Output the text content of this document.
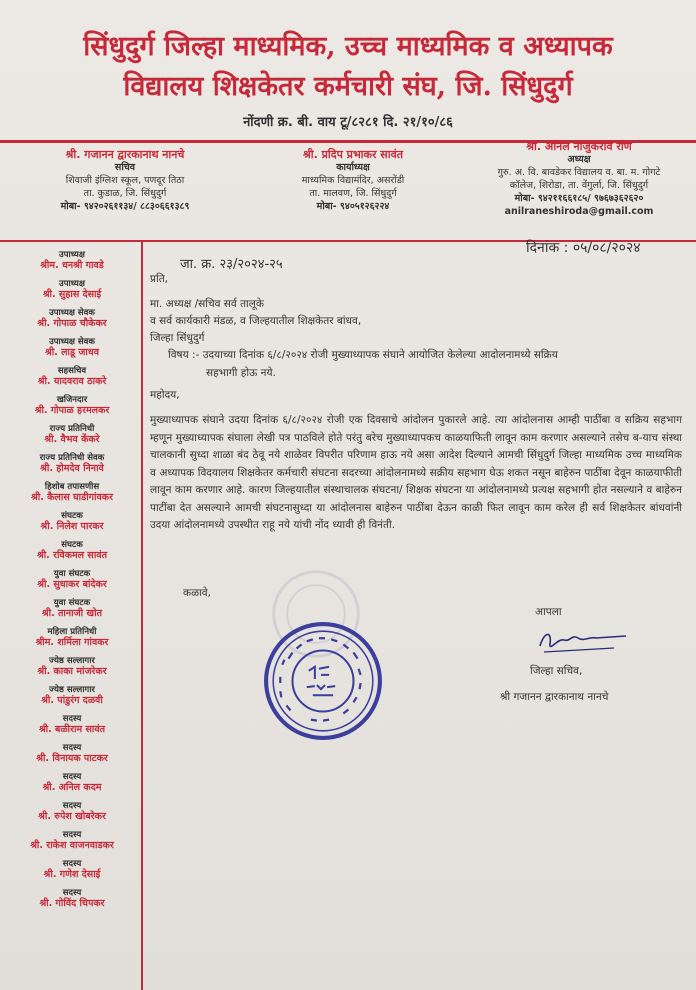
सिंधुदुर्ग जिल्हा माध्यमिक, उच्च माध्यमिक व अध्यापक
विद्यालय शिक्षकेतर कर्मचारी संघ, जि. सिंधुदुर्ग
नोंदणी क्र. बी. वाय टू/८२८१ दि. २१/१०/८६
श्री. गजानन द्वारकानाथ नानचे
सचिव
शिवाजी इंग्लिश स्कूल, पणदूर तिठा
ता. कुडाळ, जि. सिंधुदुर्ग
मोबा- ९४२०२६११३४/ ८८३०६६१३८९
श्री. प्रदिप प्रभाकर सावंत
कार्याध्यक्ष
माध्यमिक विद्यामंदिर, असरोंडी
ता. मालवण, जि. सिंधुदुर्ग
मोबा- ९४०५१२६२२४
श्री. अनिल नाजुकराव राणे
अध्यक्ष
गुरु. अ. वि. बावडेकर विद्यालय व. बा. म. गोगटे
कॉलेज, शिरोडा, ता. वेंगुर्ला, जि. सिंधुदुर्ग
मोबा- ९४२११६६१८५/ ९७६७३६२६२०
anilraneshiroda@gmail.com
उपाध्यक्ष
श्रीम. धनश्री गावडे
उपाध्यक्ष
श्री. सुहास देसाई
उपाध्यक्ष सेवक
श्री. गोपाळ चौकेकर
उपाध्यक्ष सेवक
श्री. लाडू जाधव
सहसचिव
श्री. यादवराव ठाकरे
खजिनदार
श्री. गोपाळ हरमलकर
राज्य प्रतिनिधी
श्री. वैभव केंकरे
राज्य प्रतिनिधी सेवक
श्री. होमदेव निनावे
हिशोब तपासणीस
श्री. कैलास घाडीगांवकर
संघटक
श्री. निलेश पारकर
संघटक
श्री. रविकमल सावंत
युवा संघटक
श्री. सुधाकर बांदेकर
युवा संघटक
श्री. तानाजी खोत
महिला प्रतिनिधी
श्रीम. शर्मिला गांवकर
ज्येष्ठ सल्लागार
श्री. काका मांजरेकर
ज्येष्ठ सल्लागार
श्री. पांडुरंग दळवी
सदस्य
श्री. बळीराम सावंत
सदस्य
श्री. विनायक पाटकर
सदस्य
श्री. अनिल कदम
सदस्य
श्री. रुपेश खोबरेकर
सदस्य
श्री. राकेश वाजनवाडकर
सदस्य
श्री. गणेश देसाई
सदस्य
श्री. गोविंद चिपकर
जा. क्र. २३/२०२४-२५
दिनांक : ०५/०८/२०२४
प्रति,
मा. अध्यक्ष /सचिव सर्व तालूके
व सर्व कार्यकारी मंडळ, व जिल्हयातील शिक्षकेतर बांधव,
जिल्हा सिंधुदुर्ग
विषय :- उदयाच्या दिनांक ६/८/२०२४ रोजी मुख्याध्यापक संघाने आयोजित केलेल्या आदोलनामध्ये सक्रिय
सहभागी होऊ नये.
महोदय,
मुख्याध्यापक संघाने उदया दिनांक ६/८/२०२४ रोजी एक दिवसाचे आंदोलन पुकारले आहे. त्या आंदोलनास आम्ही पाठींबा व सक्रिय सहभाग म्हणून मुख्याध्यापक संघाला लेखी पत्र पाठविले होते परंतु बरेच मुख्याध्यापकच काळयाफिती लावून काम करणार असल्याने तसेच ब-याच संस्था चालकानी सुध्दा शाळा बंद ठेवू नये शाळेवर विपरीत परिणाम हाऊ नये असा आदेश दिल्याने आमची सिंधुदुर्ग जिल्हा माध्यमिक उच्च माध्यमिक व अध्यापक विदयालय शिक्षकेतर कर्मचारी संघटना सदरच्या आंदोलनामध्ये सक्रीय सहभाग घेऊ शकत नसून बाहेरुन पाठींबा देवून काळयाफीती लावून काम करणार आहे. कारण जिल्हयातील संस्थाचालक संघटना/ शिक्षक संघटना या आंदोलनामध्ये प्रत्यक्ष सहभागी होत नसल्याने व बाहेरुन पाटींबा देत असल्याने आमची संघटनासुध्दा या आंदोलनास बाहेरुन पाठींबा देऊन काळी फित लावून काम करेल ही सर्व शिक्षकेतर बांधवांनी उदया आंदोलनामध्ये उपस्थीत राहू नये यांची नोंद ध्यावी ही विनंती.
कळावे,
आपला
जिल्हा सचिव,
श्री गजानन द्वारकानाथ नानचे
